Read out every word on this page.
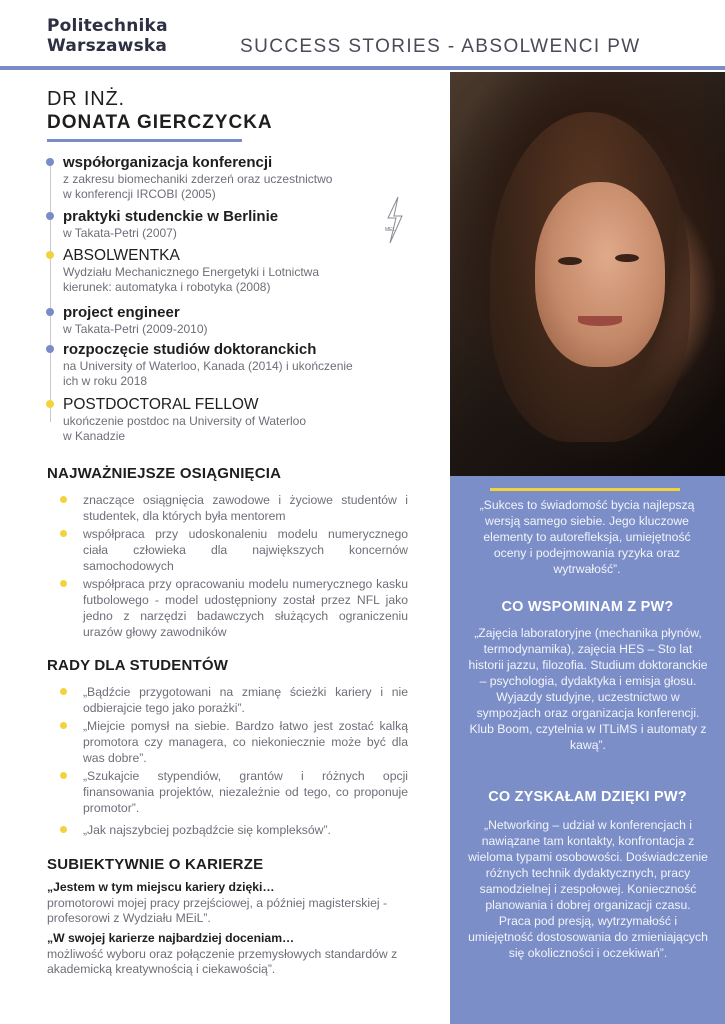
Politechnika
Warszawska	SUCCESS STORIES - ABSOLWENCI PW
DR INŻ.
DONATA GIERCZYCKA
współorganizacja konferencji
z zakresu biomechaniki zderzeń oraz uczestnictwo
w konferencji IRCOBI (2005)
praktyki studenckie w Berlinie
w Takata-Petri (2007)
ABSOLWENTKA
Wydziału Mechanicznego Energetyki i Lotnictwa
kierunek: automatyka i robotyka (2008)
project engineer
w Takata-Petri (2009-2010)
rozpoczęcie studiów doktoranckich
na University of Waterloo, Kanada (2014) i ukończenie
ich w roku 2018
POSTDOCTORAL FELLOW
ukończenie postdoc na University of Waterloo
w Kanadzie
MEL
NAJWAŻNIEJSZE OSIĄGNIĘCIA
znaczące osiągnięcia zawodowe i życiowe studentów i studentek, dla których była mentorem
współpraca przy udoskonaleniu modelu numerycznego ciała człowieka dla największych koncernów samochodowych
współpraca przy opracowaniu modelu numerycznego kasku futbolowego - model udostępniony został przez NFL jako jedno z narzędzi badawczych służących ograniczeniu urazów głowy zawodników
RADY DLA STUDENTÓW
„Bądźcie przygotowani na zmianę ścieżki kariery i nie odbierajcie tego jako porażki”.
„Miejcie pomysł na siebie. Bardzo łatwo jest zostać kalką promotora czy managera, co niekoniecznie może być dla was dobre”.
„Szukajcie stypendiów, grantów i różnych opcji finansowania projektów, niezależnie od tego, co proponuje promotor”.
„Jak najszybciej pozbądźcie się kompleksów”.
SUBIEKTYWNIE O KARIERZE
„Jestem w tym miejscu kariery dzięki…
promotorowi mojej pracy przejściowej, a później magisterskiej - profesorowi z Wydziału MEiL”.
„W swojej karierze najbardziej doceniam…
możliwość wyboru oraz połączenie przemysłowych standardów z akademicką kreatywnością i ciekawością”.
„Sukces to świadomość bycia najlepszą wersją samego siebie. Jego kluczowe elementy to autorefleksja, umiejętność oceny i podejmowania ryzyka oraz wytrwałość”.
CO WSPOMINAM Z PW?
„Zajęcia laboratoryjne (mechanika płynów, termodynamika), zajęcia HES – Sto lat historii jazzu, filozofia. Studium doktoranckie – psychologia, dydaktyka i emisja głosu. Wyjazdy studyjne, uczestnictwo w sympozjach oraz organizacja konferencji. Klub Boom, czytelnia w ITLiMS i automaty z kawą”.
CO ZYSKAŁAM DZIĘKI PW?
„Networking – udział w konferencjach i nawiązane tam kontakty, konfrontacja z wieloma typami osobowości. Doświadczenie różnych technik dydaktycznych, pracy samodzielnej i zespołowej. Konieczność planowania i dobrej organizacji czasu. Praca pod presją, wytrzymałość i umiejętność dostosowania do zmieniających się okoliczności i oczekiwań”.
